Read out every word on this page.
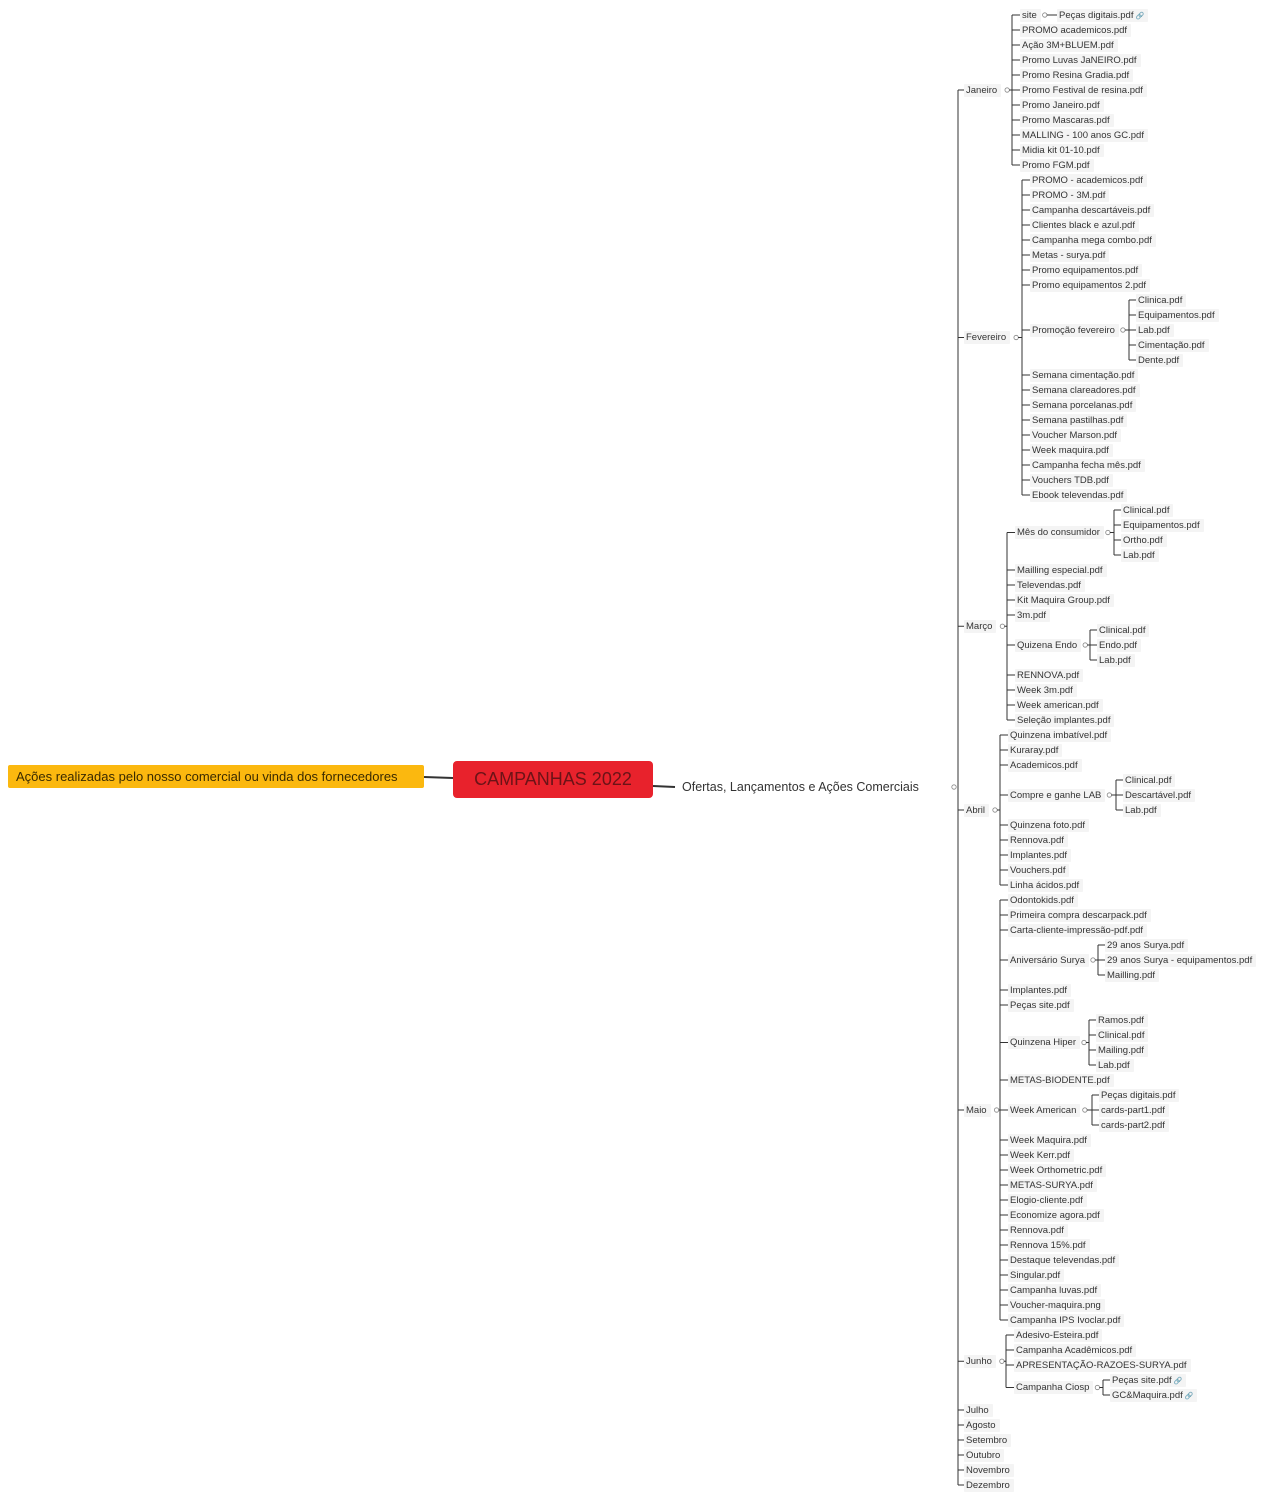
Ações realizadas pelo nosso comercial ou vinda dos fornecedores	CAMPANHAS 2022	Ofertas, Lançamentos e Ações Comerciais
Janeiro
site	Peças digitais.pdf 🔗
PROMO academicos.pdf
Ação 3M+BLUEM.pdf
Promo Luvas JaNEIRO.pdf
Promo Resina Gradia.pdf
Promo Festival de resina.pdf
Promo Janeiro.pdf
Promo Mascaras.pdf
MALLING - 100 anos GC.pdf
Midia kit 01-10.pdf
Promo FGM.pdf
Fevereiro
PROMO - academicos.pdf
PROMO - 3M.pdf
Campanha descartáveis.pdf
Clientes black e azul.pdf
Campanha mega combo.pdf
Metas - surya.pdf
Promo equipamentos.pdf
Promo equipamentos 2.pdf
Promoção fevereiro
Clinica.pdf
Equipamentos.pdf
Lab.pdf
Cimentação.pdf
Dente.pdf
Semana cimentação.pdf
Semana clareadores.pdf
Semana porcelanas.pdf
Semana pastilhas.pdf
Voucher Marson.pdf
Week maquira.pdf
Campanha fecha mês.pdf
Vouchers TDB.pdf
Ebook televendas.pdf
Março
Mês do consumidor
Clinical.pdf
Equipamentos.pdf
Ortho.pdf
Lab.pdf
Mailling especial.pdf
Televendas.pdf
Kit Maquira Group.pdf
3m.pdf
Quizena Endo
Clinical.pdf
Endo.pdf
Lab.pdf
RENNOVA.pdf
Week 3m.pdf
Week american.pdf
Seleção implantes.pdf
Abril
Quinzena imbatível.pdf
Kuraray.pdf
Academicos.pdf
Compre e ganhe LAB
Clinical.pdf
Descartável.pdf
Lab.pdf
Quinzena foto.pdf
Rennova.pdf
Implantes.pdf
Vouchers.pdf
Linha ácidos.pdf
Maio
Odontokids.pdf
Primeira compra descarpack.pdf
Carta-cliente-impressão-pdf.pdf
Aniversário Surya
29 anos Surya.pdf
29 anos Surya - equipamentos.pdf
Mailling.pdf
Implantes.pdf
Peças site.pdf
Quinzena Hiper
Ramos.pdf
Clinical.pdf
Mailing.pdf
Lab.pdf
METAS-BIODENTE.pdf
Week American
Peças digitais.pdf
cards-part1.pdf
cards-part2.pdf
Week Maquira.pdf
Week Kerr.pdf
Week Orthometric.pdf
METAS-SURYA.pdf
Elogio-cliente.pdf
Economize agora.pdf
Rennova.pdf
Rennova 15%.pdf
Destaque televendas.pdf
Singular.pdf
Campanha luvas.pdf
Voucher-maquira.png
Campanha IPS Ivoclar.pdf
Junho
Adesivo-Esteira.pdf
Campanha Acadêmicos.pdf
APRESENTAÇÃO-RAZOES-SURYA.pdf
Campanha Ciosp
Peças site.pdf 🔗
GC&Maquira.pdf 🔗
Julho
Agosto
Setembro
Outubro
Novembro
Dezembro
